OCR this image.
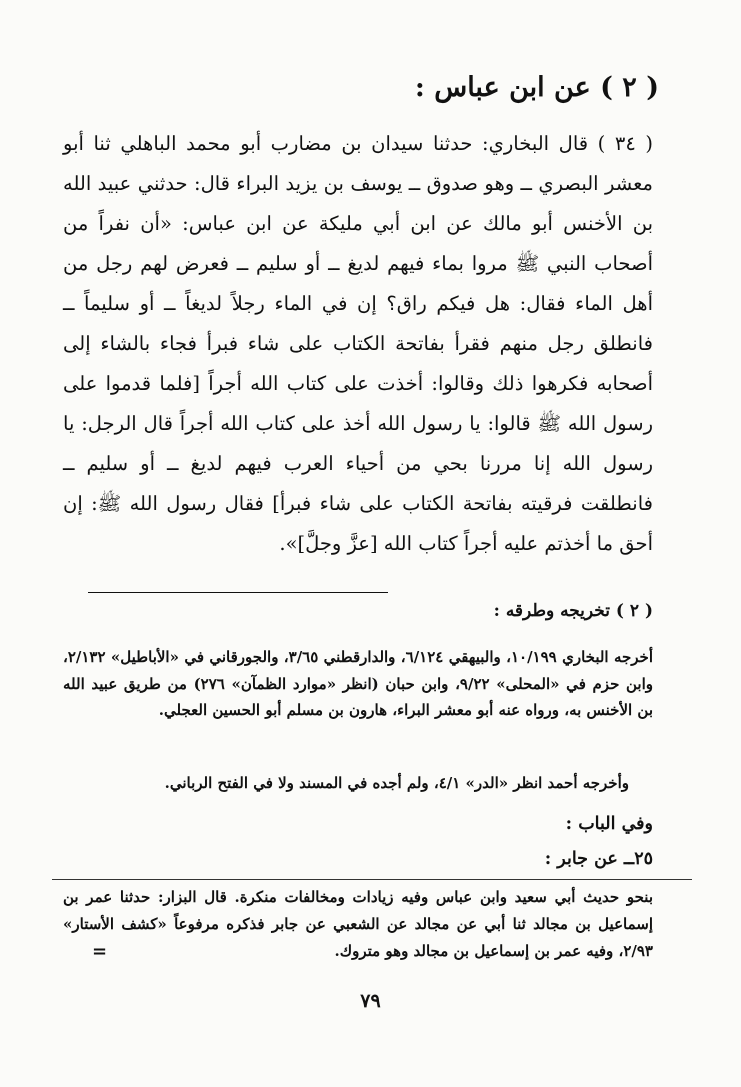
( ٢ ) عن ابن عباس :
( ٣٤ ) قال البخاري: حدثنا سيدان بن مضارب أبو محمد الباهلي ثنا أبو معشر البصري ــ وهو صدوق ــ يوسف بن يزيد البراء قال: حدثني عبيد الله بن الأخنس أبو مالك عن ابن أبي مليكة عن ابن عباس: «أن نفراً من أصحاب النبي ﷺ مروا بماء فيهم لديغ ــ أو سليم ــ فعرض لهم رجل من أهل الماء فقال: هل فيكم راق؟ إن في الماء رجلاً لديغاً ــ أو سليماً ــ فانطلق رجل منهم فقرأ بفاتحة الكتاب على شاء فبرأ فجاء بالشاء إلى أصحابه فكرهوا ذلك وقالوا: أخذت على كتاب الله أجراً [فلما قدموا على رسول الله ﷺ قالوا: يا رسول الله أخذ على كتاب الله أجراً قال الرجل: يا رسول الله إنا مررنا بحي من أحياء العرب فيهم لديغ ــ أو سليم ــ فانطلقت فرقيته بفاتحة الكتاب على شاء فبرأ] فقال رسول الله ﷺ: إن أحق ما أخذتم عليه أجراً كتاب الله [عزَّ وجلَّ]».
( ٢ ) تخريجه وطرقه :
أخرجه البخاري ١٠/١٩٩، والبيهقي ٦/١٢٤، والدارقطني ٣/٦٥، والجورقاني في «الأباطيل» ٢/١٣٢، وابن حزم في «المحلى» ٩/٢٢، وابن حبان (انظر «موارد الظمآن» ٢٧٦) من طريق عبيد الله بن الأخنس به، ورواه عنه أبو معشر البراء، هارون بن مسلم أبو الحسين العجلي.
وأخرجه أحمد انظر «الدر» ٤/١، ولم أجده في المسند ولا في الفتح الرباني.
وفي الباب :
٢٥ــ عن جابر :
بنحو حديث أبي سعيد وابن عباس وفيه زيادات ومخالفات منكرة. قال البزار: حدثنا عمر بن إسماعيل بن مجالد ثنا أبي عن مجالد عن الشعبي عن جابر فذكره مرفوعاً «كشف الأستار» ٢/٩٣، وفيه عمر بن إسماعيل بن مجالد وهو متروك.
=
٧٩
